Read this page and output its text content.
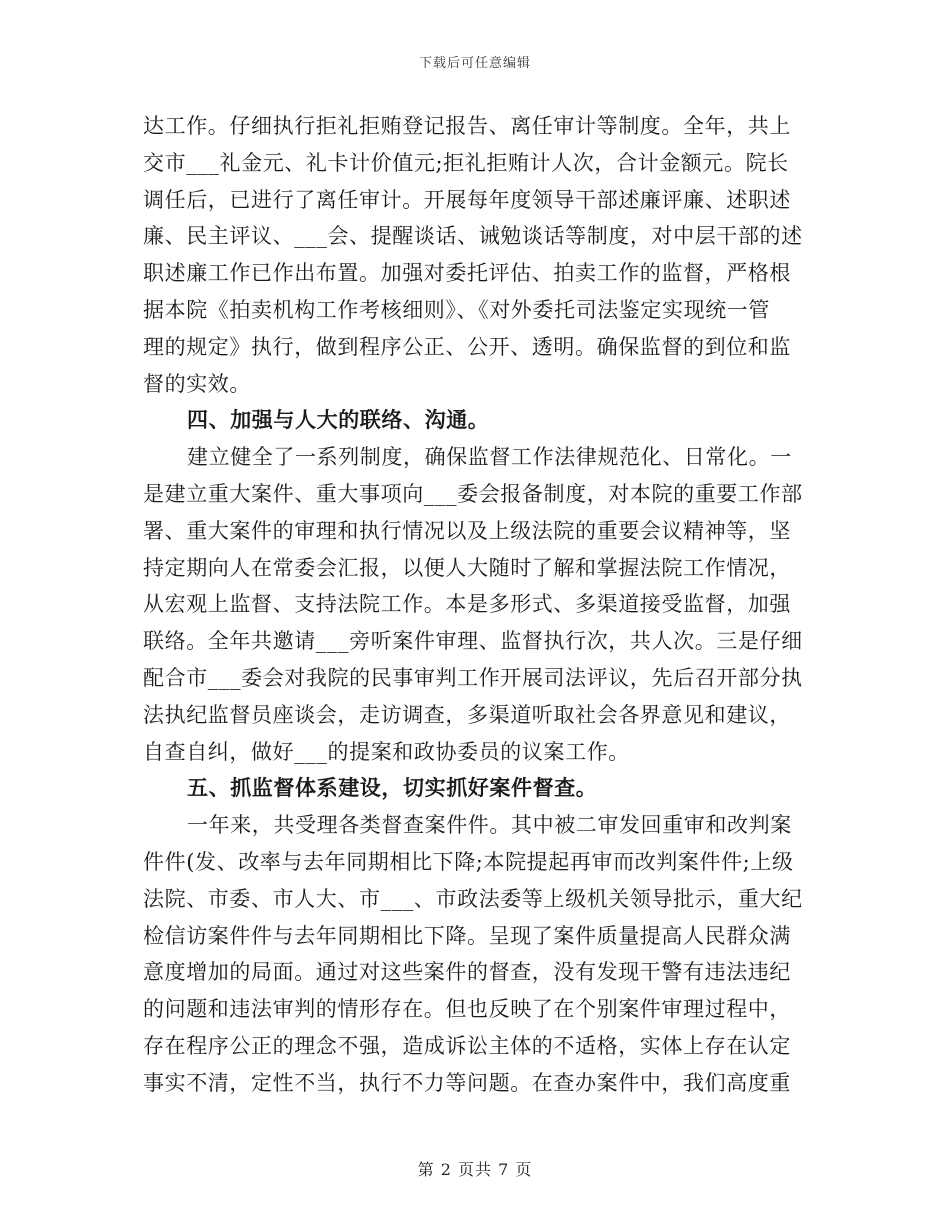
下载后可任意编辑
达工作。仔细执行拒礼拒贿登记报告、离任审计等制度。全年，共上
交市___礼金元、礼卡计价值元;拒礼拒贿计人次，合计金额元。院长
调任后，已进行了离任审计。开展每年度领导干部述廉评廉、述职述
廉、民主评议、___会、提醒谈话、诫勉谈话等制度，对中层干部的述
职述廉工作已作出布置。加强对委托评估、拍卖工作的监督，严格根
据本院《拍卖机构工作考核细则》、《对外委托司法鉴定实现统一管
理的规定》执行，做到程序公正、公开、透明。确保监督的到位和监
督的实效。
四、加强与人大的联络、沟通。
建立健全了一系列制度，确保监督工作法律规范化、日常化。一
是建立重大案件、重大事项向___委会报备制度，对本院的重要工作部
署、重大案件的审理和执行情况以及上级法院的重要会议精神等，坚
持定期向人在常委会汇报，以便人大随时了解和掌握法院工作情况，
从宏观上监督、支持法院工作。本是多形式、多渠道接受监督，加强
联络。全年共邀请___旁听案件审理、监督执行次，共人次。三是仔细
配合市___委会对我院的民事审判工作开展司法评议，先后召开部分执
法执纪监督员座谈会，走访调查，多渠道听取社会各界意见和建议，
自查自纠，做好___的提案和政协委员的议案工作。
五、抓监督体系建设，切实抓好案件督查。
一年来，共受理各类督查案件件。其中被二审发回重审和改判案
件件(发、改率与去年同期相比下降;本院提起再审而改判案件件;上级
法院、市委、市人大、市___、市政法委等上级机关领导批示，重大纪
检信访案件件与去年同期相比下降。呈现了案件质量提高人民群众满
意度增加的局面。通过对这些案件的督查，没有发现干警有违法违纪
的问题和违法审判的情形存在。但也反映了在个别案件审理过程中，
存在程序公正的理念不强，造成诉讼主体的不适格，实体上存在认定
事实不清，定性不当，执行不力等问题。在查办案件中，我们高度重
第 2 页共 7 页
